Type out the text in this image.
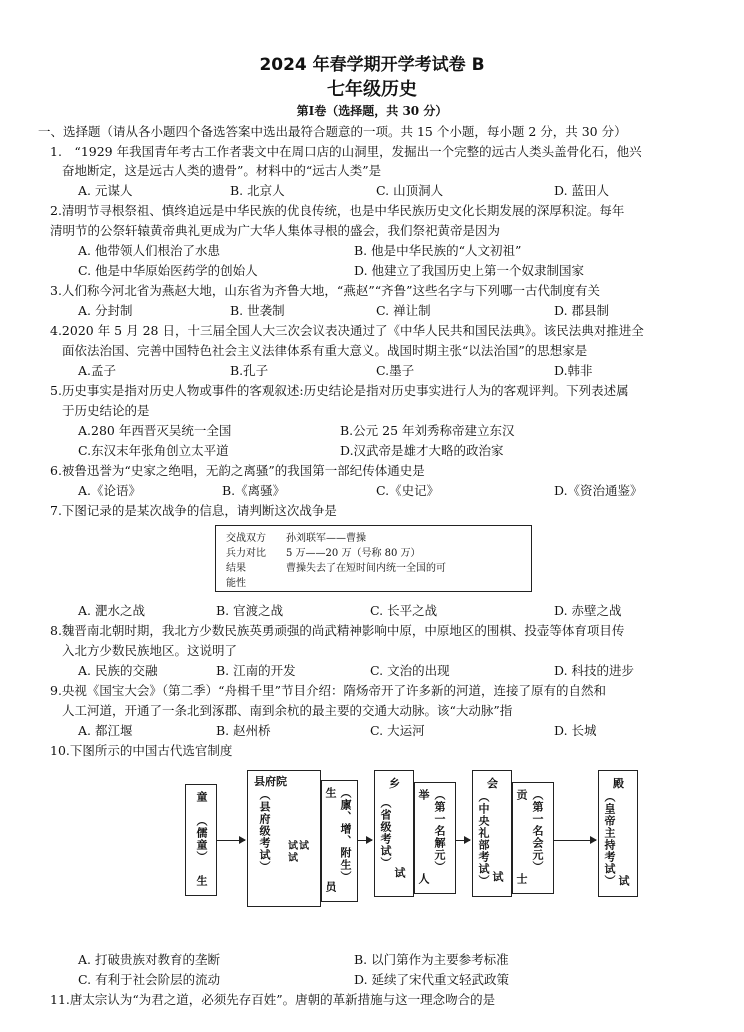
2024 年春学期开学考试卷 B
七年级历史
第Ⅰ卷（选择题，共 30 分）
一、选择题（请从各小题四个备选答案中选出最符合题意的一项。共 15 个小题，每小题 2 分，共 30 分）
1.　“1929 年我国青年考古工作者裴文中在周口店的山洞里，发掘出一个完整的远古人类头盖骨化石，他兴
奋地断定，这是远古人类的遗骨”。材料中的“远古人类”是
A. 元谋人	B. 北京人	C. 山顶洞人	D. 蓝田人
2.清明节寻根祭祖、慎终追远是中华民族的优良传统，也是中华民族历史文化长期发展的深厚积淀。每年
清明节的公祭轩辕黄帝典礼更成为广大华人集体寻根的盛会，我们祭祀黄帝是因为
A. 他带领人们根治了水患	B. 他是中华民族的“人文初祖”
C. 他是中华原始医药学的创始人	D. 他建立了我国历史上第一个奴隶制国家
3.人们称今河北省为燕赵大地，山东省为齐鲁大地，“燕赵”“齐鲁”这些名字与下列哪一古代制度有关
A. 分封制	B. 世袭制	C. 禅让制	D. 郡县制
4.2020 年 5 月 28 日，十三届全国人大三次会议表决通过了《中华人民共和国民法典》。该民法典对推进全
面依法治国、完善中国特色社会主义法律体系有重大意义。战国时期主张“以法治国”的思想家是
A.孟子	B.孔子	C.墨子	D.韩非
5.历史事实是指对历史人物或事件的客观叙述:历史结论是指对历史事实进行人为的客观评判。下列表述属
于历史结论的是
A.280 年西晋灭吴统一全国	B.公元 25 年刘秀称帝建立东汉
C.东汉末年张角创立太平道	D.汉武帝是雄才大略的政治家
6.被鲁迅誉为“史家之绝唱，无韵之离骚”的我国第一部纪传体通史是
A.《论语》	B.《离骚》	C.《史记》	D.《资治通鉴》
7.下图记录的是某次战争的信息，请判断这次战争是
交战双方　　孙刘联军——曹操
兵力对比　　5 万——20 万（号称 80 万）
结果　　　　曹操失去了在短时间内统一全国的可
能性
A. 淝水之战	B. 官渡之战	C. 长平之战	D. 赤壁之战
8.魏晋南北朝时期，我北方少数民族英勇顽强的尚武精神影响中原，中原地区的围棋、投壶等体育项目传
入北方少数民族地区。这说明了
A. 民族的交融	B. 江南的开发	C. 文治的出现	D. 科技的进步
9.央视《国宝大会》（第二季）“舟楫千里”节目介绍：隋炀帝开了许多新的河道，连接了原有的自然和
人工河道，开通了一条北到涿郡、南到余杭的最主要的交通大动脉。该“大动脉”指
A. 都江堰	B. 赵州桥	C. 大运河	D. 长城
10.下图所示的中国古代选官制度
童
（儒童）
生
县府院
（县府级考试） 试试试
生 （廪、增、附生）
员
乡
（省级考试）
试
举 （第一名解元）
人
会
（中央礼部考试） 试
贡 （第一名会元）
士
殿
（皇帝主持考试） 试
A. 打破贵族对教育的垄断	B. 以门第作为主要参考标准
C. 有利于社会阶层的流动	D. 延续了宋代重文轻武政策
11.唐太宗认为“为君之道，必须先存百姓”。唐朝的革新措施与这一理念吻合的是
